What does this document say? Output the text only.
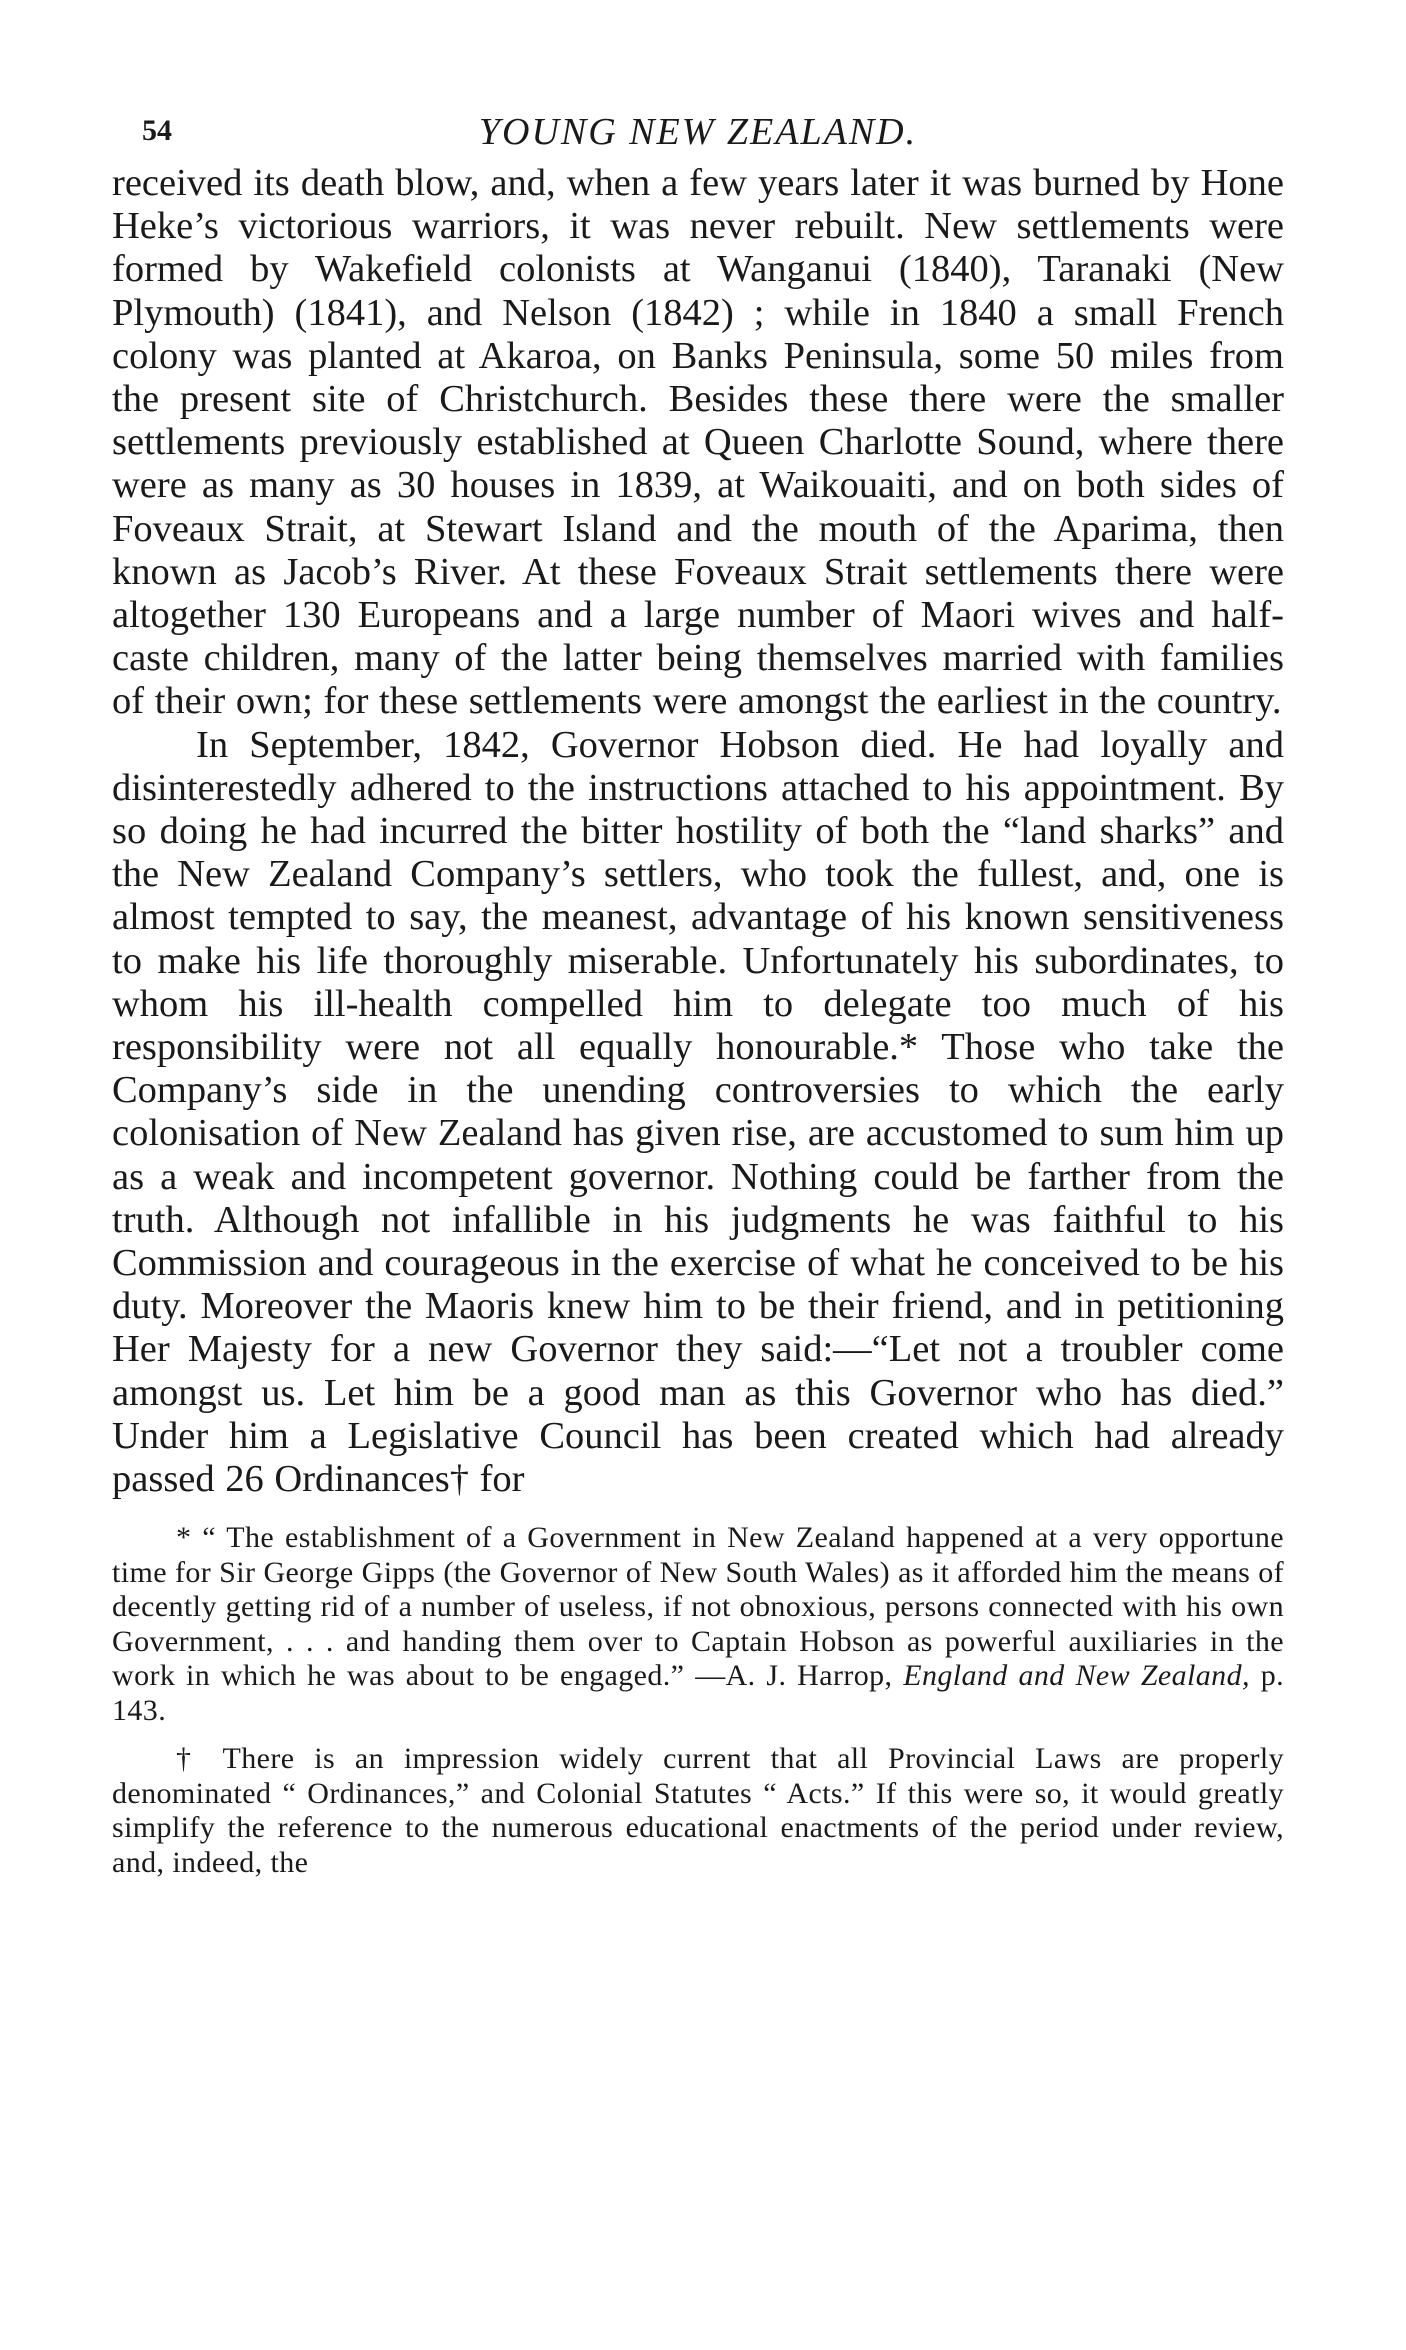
54	YOUNG NEW ZEALAND.

received its death blow, and, when a few years later it was burned by Hone Heke’s victorious warriors, it was never rebuilt. New settlements were formed by Wakefield colonists at Wanganui (1840), Taranaki (New Plymouth) (1841), and Nelson (1842) ; while in 1840 a small French colony was planted at Akaroa, on Banks Peninsula, some 50 miles from the present site of Christchurch. Besides these there were the smaller settlements previously established at Queen Charlotte Sound, where there were as many as 30 houses in 1839, at Waikouaiti, and on both sides of Foveaux Strait, at Stewart Island and the mouth of the Aparima, then known as Jacob’s River. At these Foveaux Strait settlements there were altogether 130 Europeans and a large number of Maori wives and half-caste children, many of the latter being themselves married with families of their own; for these settlements were amongst the earliest in the country.

In September, 1842, Governor Hobson died. He had loyally and disinterestedly adhered to the instructions attached to his appointment. By so doing he had incurred the bitter hostility of both the “land sharks” and the New Zealand Company’s settlers, who took the fullest, and, one is almost tempted to say, the meanest, advantage of his known sensitiveness to make his life thoroughly miserable. Unfortunately his subordinates, to whom his ill-health compelled him to delegate too much of his responsibility were not all equally honourable.* Those who take the Company’s side in the unending controversies to which the early colonisation of New Zealand has given rise, are accustomed to sum him up as a weak and incompetent governor. Nothing could be farther from the truth. Although not infallible in his judgments he was faithful to his Commission and courageous in the exercise of what he conceived to be his duty. Moreover the Maoris knew him to be their friend, and in petitioning Her Majesty for a new Governor they said:—“Let not a troubler come amongst us. Let him be a good man as this Governor who has died.” Under him a Legislative Council has been created which had already passed 26 Ordinances† for

* “ The establishment of a Government in New Zealand happened at a very opportune time for Sir George Gipps (the Governor of New South Wales) as it afforded him the means of decently getting rid of a number of useless, if not obnoxious, persons connected with his own Government, . . . and handing them over to Captain Hobson as powerful auxiliaries in the work in which he was about to be engaged.” —A. J. Harrop, England and New Zealand, p. 143.

† There is an impression widely current that all Provincial Laws are properly denominated “ Ordinances,” and Colonial Statutes “ Acts.” If this were so, it would greatly simplify the reference to the numerous educational enactments of the period under review, and, indeed, the
